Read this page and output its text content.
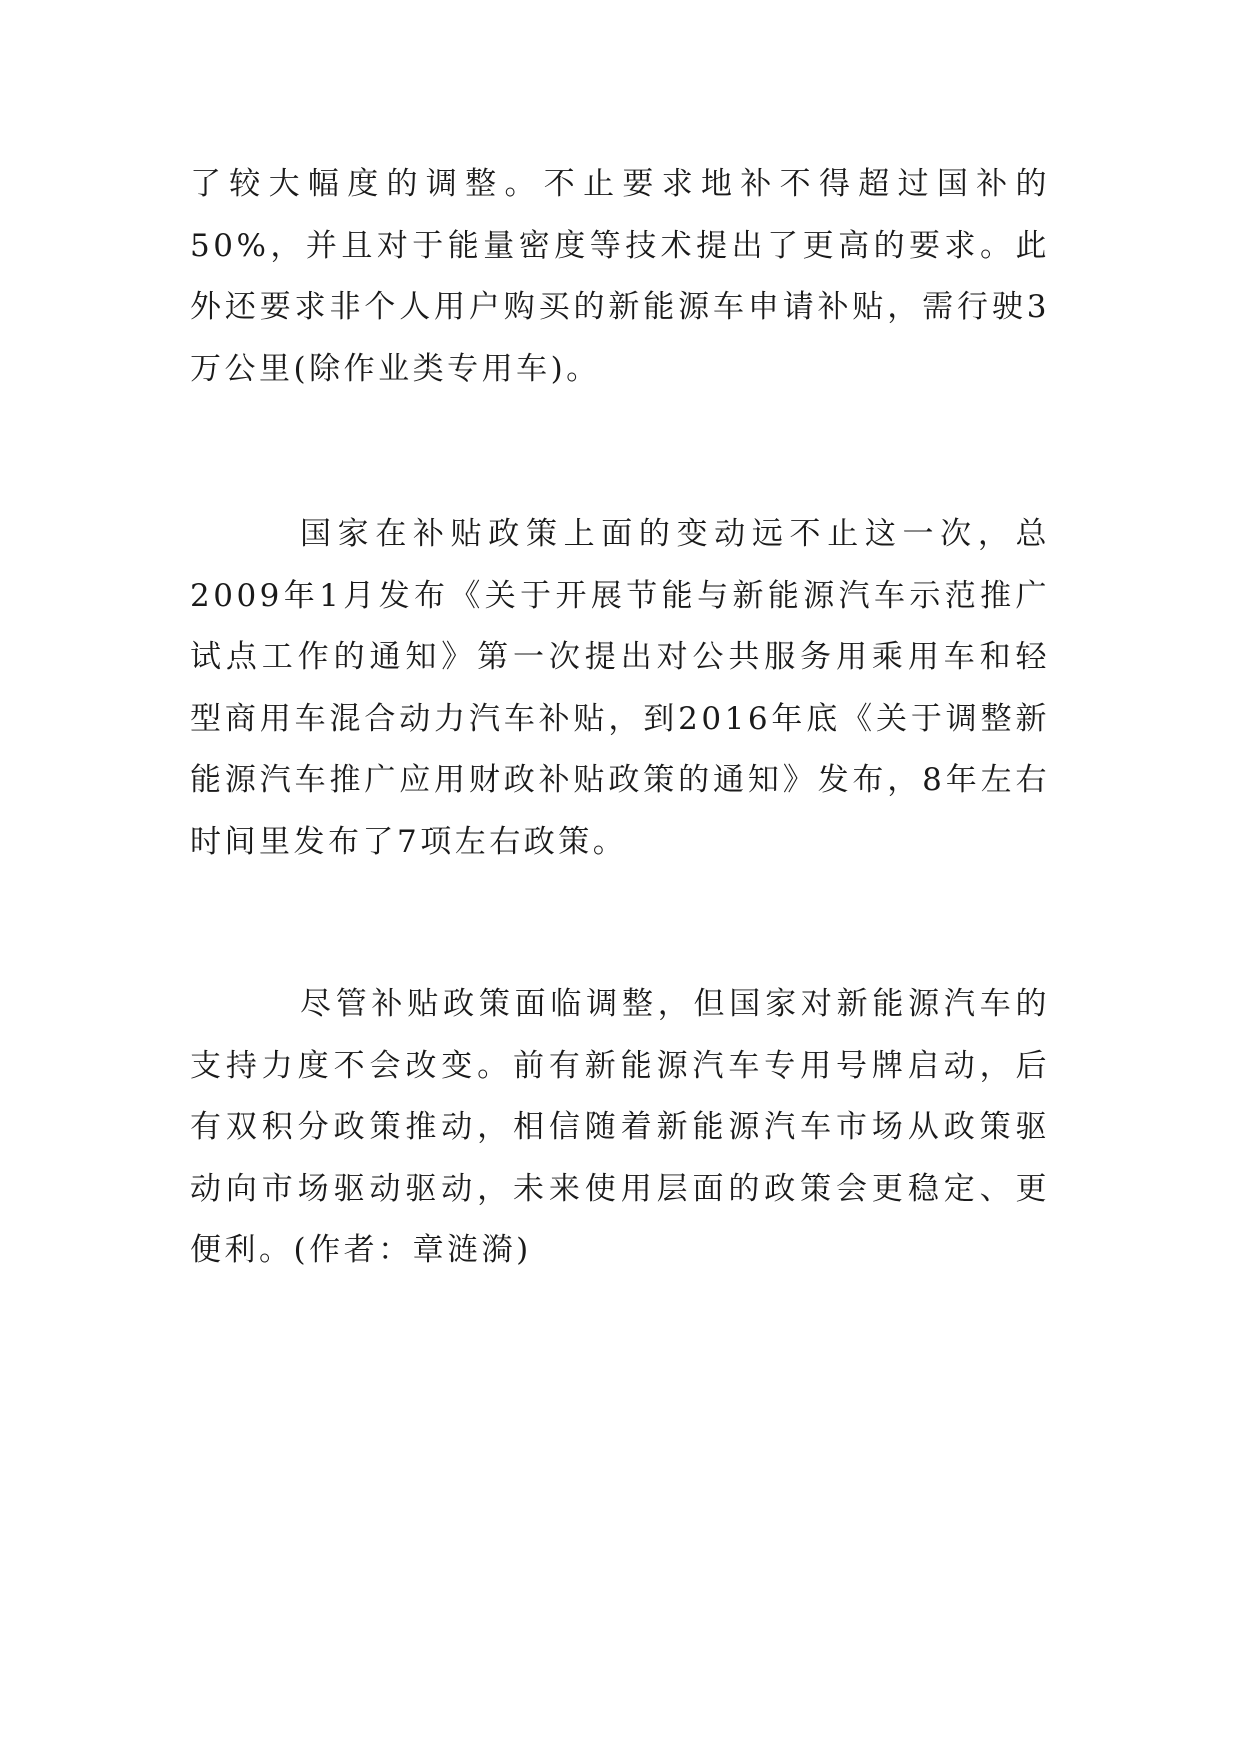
了较大幅度的调整。不止要求地补不得超过国补的50%，并且对于能量密度等技术提出了更高的要求。此外还要求非个人用户购买的新能源车申请补贴，需行驶3万公里(除作业类专用车)。

国家在补贴政策上面的变动远不止这一次，总2009年1月发布《关于开展节能与新能源汽车示范推广试点工作的通知》第一次提出对公共服务用乘用车和轻型商用车混合动力汽车补贴，到2016年底《关于调整新能源汽车推广应用财政补贴政策的通知》发布，8年左右时间里发布了7项左右政策。

尽管补贴政策面临调整，但国家对新能源汽车的支持力度不会改变。前有新能源汽车专用号牌启动，后有双积分政策推动，相信随着新能源汽车市场从政策驱动向市场驱动驱动，未来使用层面的政策会更稳定、更便利。(作者：章涟漪)
